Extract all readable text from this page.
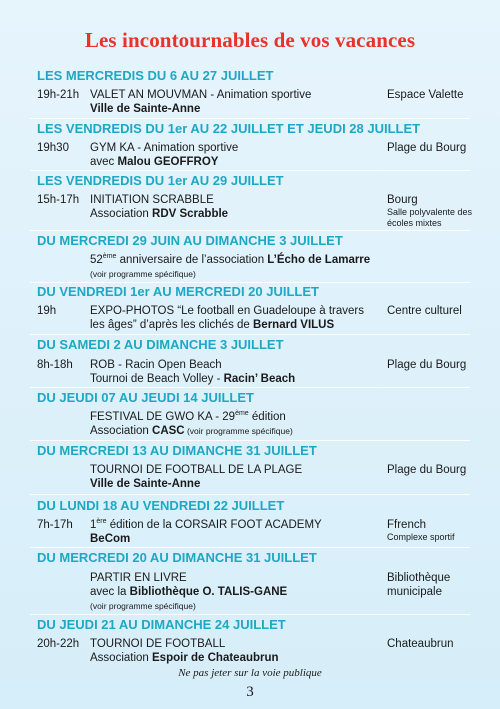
Les incontournables de vos vacances
LES MERCREDIS DU 6 AU 27 JUILLET
19h-21h VALET AN MOUVMAN - Animation sportive
Ville de Sainte-Anne
Espace Valette
LES VENDREDIS DU 1er AU 22 JUILLET ET JEUDI 28 JUILLET
19h30 GYM KA - Animation sportive
avec Malou GEOFFROY
Plage du Bourg
LES VENDREDIS DU 1er AU 29 JUILLET
15h-17h INITIATION SCRABBLE
Association RDV Scrabble
Bourg
Salle polyvalente des écoles mixtes
DU MERCREDI 29 JUIN AU DIMANCHE 3 JUILLET
52ème anniversaire de l’association L’Écho de Lamarre
(voir programme spécifique)
DU VENDREDI 1er AU MERCREDI 20 JUILLET
19h	EXPO-PHOTOS “Le football en Guadeloupe à travers
les âges” d’après les clichés de Bernard VILUS
Centre culturel
DU SAMEDI 2 AU DIMANCHE 3 JUILLET
8h-18h ROB - Racin Open Beach
Tournoi de Beach Volley - Racin’ Beach
Plage du Bourg
DU JEUDI 07 AU JEUDI 14 JUILLET
FESTIVAL DE GWO KA - 29ème édition
Association CASC (voir programme spécifique)
DU MERCREDI 13 AU DIMANCHE 31 JUILLET
TOURNOI DE FOOTBALL DE LA PLAGE
Ville de Sainte-Anne
Plage du Bourg
DU LUNDI 18 AU VENDREDI 22 JUILLET
7h-17h 1ère édition de la CORSAIR FOOT ACADEMY
BeCom
Ffrench
Complexe sportif
DU MERCREDI 20 AU DIMANCHE 31 JUILLET
PARTIR EN LIVRE
avec la Bibliothèque O. TALIS-GANE
(voir programme spécifique)
Bibliothèque
municipale
DU JEUDI 21 AU DIMANCHE 24 JUILLET
20h-22h TOURNOI DE FOOTBALL
Association Espoir de Chateaubrun
Chateaubrun
Ne pas jeter sur la voie publique
3
